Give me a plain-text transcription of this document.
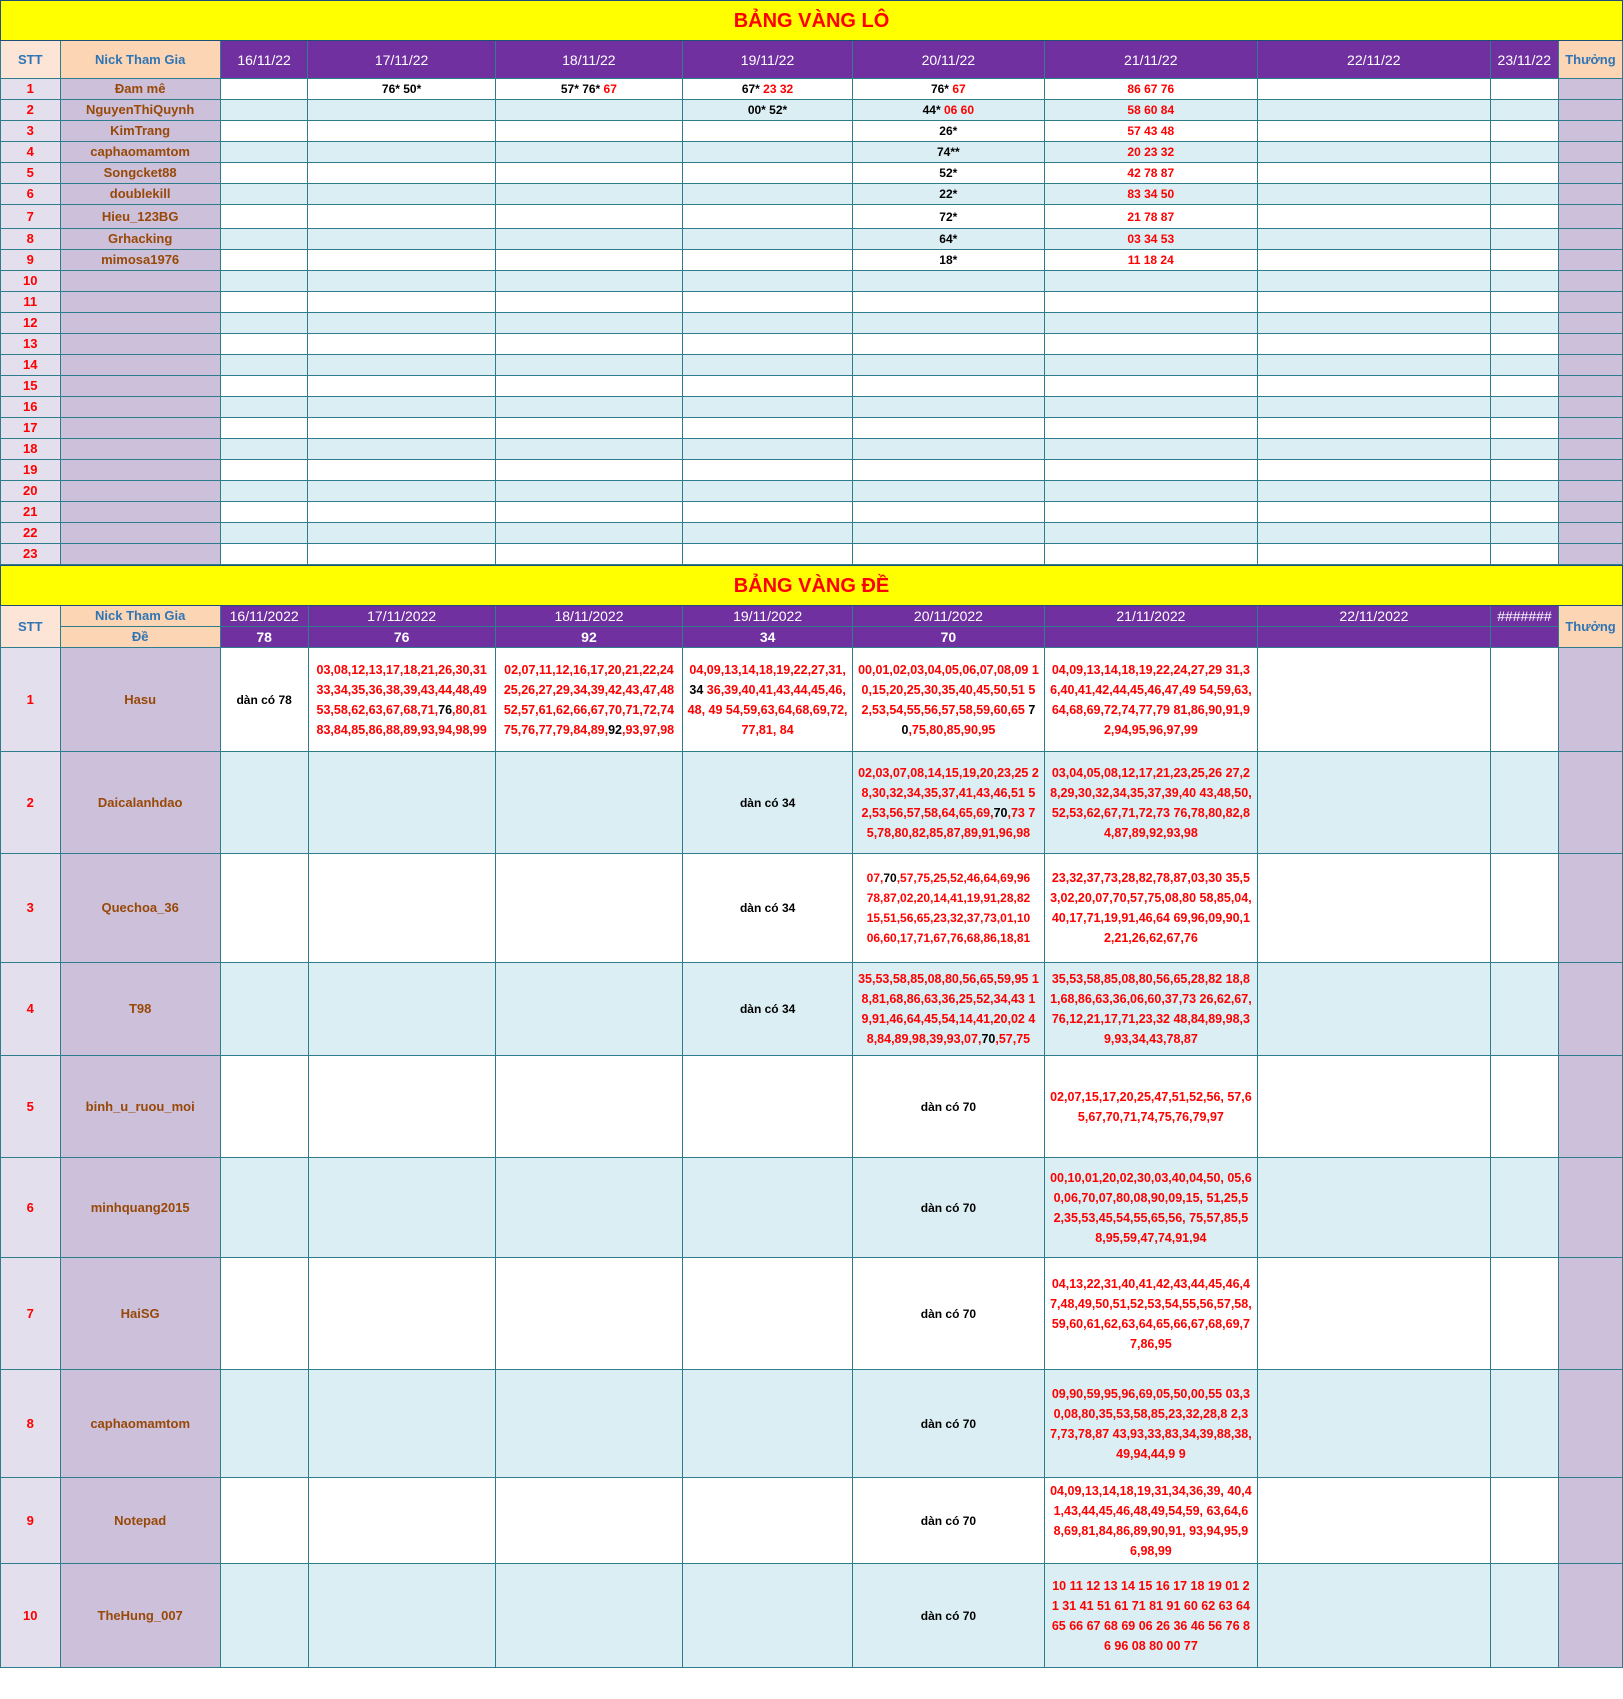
BẢNG VÀNG LÔ										
STT	Nick Tham Gia	16/11/22	17/11/22	18/11/22	19/11/22	20/11/22	21/11/22	22/11/22	23/11/22	Thưởng
1	Đam mê		76* 50*	57* 76* 67	67* 23 32	76* 67	86 67 76			
2	NguyenThiQuynh				00* 52*	44* 06 60	58 60 84			
3	KimTrang					26*	57 43 48			
4	caphaomamtom					74**	20 23 32			
5	Songcket88					52*	42 78 87			
6	doublekill					22*	83 34 50			
7	Hieu_123BG					72*	21 78 87			
8	Grhacking					64*	03 34 53			
9	mimosa1976					18*	11 18 24			
10										
11										
12										
13										
14										
15										
16										
17										
18										
19										
20										
21										
22										
23										
BẢNG VÀNG ĐỀ										
STT	Nick Tham Gia	16/11/2022	17/11/2022	18/11/2022	19/11/2022	20/11/2022	21/11/2022	22/11/2022	#######	Thưởng
	Đề	78	76	92	34	70				
1	Hasu	dàn có 78	03,08,12,13,17,18,21,26,30,31 33,34,35,36,38,39,43,44,48,49 53,58,62,63,67,68,71,76,80,81 83,84,85,86,88,89,93,94,98,99	02,07,11,12,16,17,20,21,22,24 25,26,27,29,34,39,42,43,47,48 52,57,61,62,66,67,70,71,72,74 75,76,77,79,84,89,92,93,97,98	04,09,13,14,18,19,22,27,31, 34 36,39,40,41,43,44,45,46,48, 49 54,59,63,64,68,69,72,77,81, 84	00,01,02,03,04,05,06,07,08,09 10,15,20,25,30,35,40,45,50,51 52,53,54,55,56,57,58,59,60,65 70,75,80,85,90,95	04,09,13,14,18,19,22,24,27,29 31,36,40,41,42,44,45,46,47,49 54,59,63,64,68,69,72,74,77,79 81,86,90,91,92,94,95,96,97,99			

2	Daicalanhdao				dàn có 34	02,03,07,08,14,15,19,20,23,25 28,30,32,34,35,37,41,43,46,51 52,53,56,57,58,64,65,69,70,73 75,78,80,82,85,87,89,91,96,98	03,04,05,08,12,17,21,23,25,26 27,28,29,30,32,34,35,37,39,40 43,48,50,52,53,62,67,71,72,73 76,78,80,82,84,87,89,92,93,98			

3	Quechoa_36				dàn có 34	07,70,57,75,25,52,46,64,69,96 78,87,02,20,14,41,19,91,28,82 15,51,56,65,23,32,37,73,01,10 06,60,17,71,67,76,68,86,18,81	23,32,37,73,28,82,78,87,03,30 35,53,02,20,07,70,57,75,08,80 58,85,04,40,17,71,19,91,46,64 69,96,09,90,12,21,26,62,67,76			

4	T98				dàn có 34	35,53,58,85,08,80,56,65,59,95 18,81,68,86,63,36,25,52,34,43 19,91,46,64,45,54,14,41,20,02 48,84,89,98,39,93,07,70,57,75	35,53,58,85,08,80,56,65,28,82 18,81,68,86,63,36,06,60,37,73 26,62,67,76,12,21,17,71,23,32 48,84,89,98,39,93,34,43,78,87			

5	binh_u_ruou_moi					dàn có 70	02,07,15,17,20,25,47,51,52,56, 57,65,67,70,71,74,75,76,79,97			

6	minhquang2015					dàn có 70	00,10,01,20,02,30,03,40,04,50, 05,60,06,70,07,80,08,90,09,15, 51,25,52,35,53,45,54,55,65,56, 75,57,85,58,95,59,47,74,91,94			

7	HaiSG					dàn có 70	04,13,22,31,40,41,42,43,44,45,46,4 7,48,49,50,51,52,53,54,55,56,57,58, 59,60,61,62,63,64,65,66,67,68,69,7 7,86,95			

8	caphaomamtom					dàn có 70	09,90,59,95,96,69,05,50,00,55 03,30,08,80,35,53,58,85,23,32,28,8 2,37,73,78,87 43,93,33,83,34,39,88,38,49,94,44,9 9			

9	Notepad					dàn có 70	04,09,13,14,18,19,31,34,36,39, 40,41,43,44,45,46,48,49,54,59, 63,64,68,69,81,84,86,89,90,91, 93,94,95,96,98,99			

10	TheHung_007					dàn có 70	10 11 12 13 14 15 16 17 18 19 01 21 31 41 51 61 71 81 91 60 62 63 64 65 66 67 68 69 06 26 36 46 56 76 86 96 08 80 00 77			
